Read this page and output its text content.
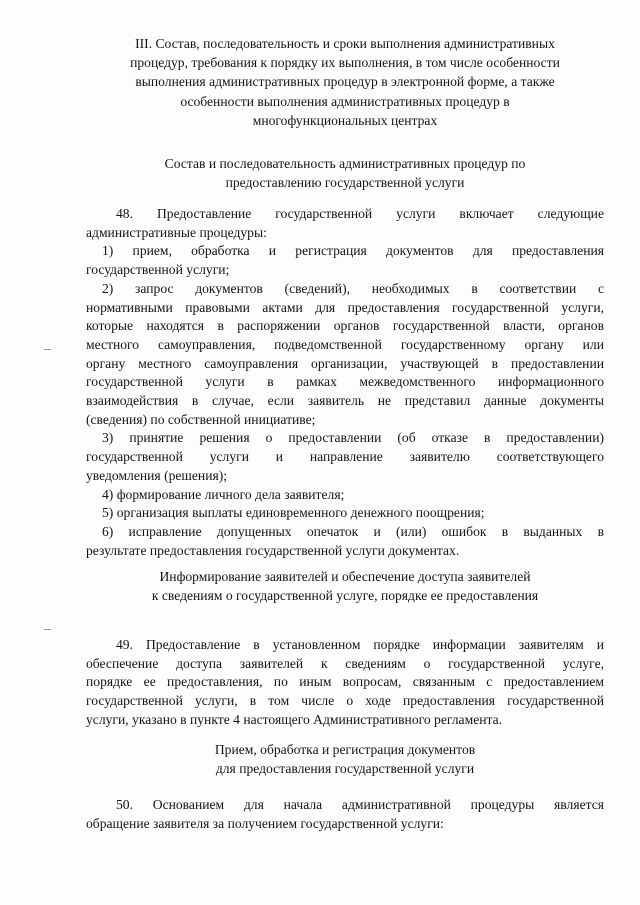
III. Состав, последовательность и сроки выполнения административных
процедур, требования к порядку их выполнения, в том числе особенности
выполнения административных процедур в электронной форме, а также
особенности выполнения административных процедур в
многофункциональных центрах
Состав и последовательность административных процедур по
предоставлению государственной услуги
48. Предоставление государственной услуги включает следующие
административные процедуры:
1) прием, обработка и регистрация документов для предоставления
государственной услуги;
2) запрос документов (сведений), необходимых в соответствии с
нормативными правовыми актами для предоставления государственной услуги,
которые находятся в распоряжении органов государственной власти, органов
местного самоуправления, подведомственной государственному органу или
органу местного самоуправления организации, участвующей в предоставлении
государственной услуги в рамках межведомственного информационного
взаимодействия в случае, если заявитель не представил данные документы
(сведения) по собственной инициативе;
3) принятие решения о предоставлении (об отказе в предоставлении)
государственной услуги и направление заявителю соответствующего
уведомления (решения);
4) формирование личного дела заявителя;
5) организация выплаты единовременного денежного поощрения;
6) исправление допущенных опечаток и (или) ошибок в выданных в
результате предоставления государственной услуги документах.
Информирование заявителей и обеспечение доступа заявителей
к сведениям о государственной услуге, порядке ее предоставления
49. Предоставление в установленном порядке информации заявителям и
обеспечение доступа заявителей к сведениям о государственной услуге,
порядке ее предоставления, по иным вопросам, связанным с предоставлением
государственной услуги, в том числе о ходе предоставления государственной
услуги, указано в пункте 4 настоящего Административного регламента.
Прием, обработка и регистрация документов
для предоставления государственной услуги
50. Основанием для начала административной процедуры является
обращение заявителя за получением государственной услуги:
